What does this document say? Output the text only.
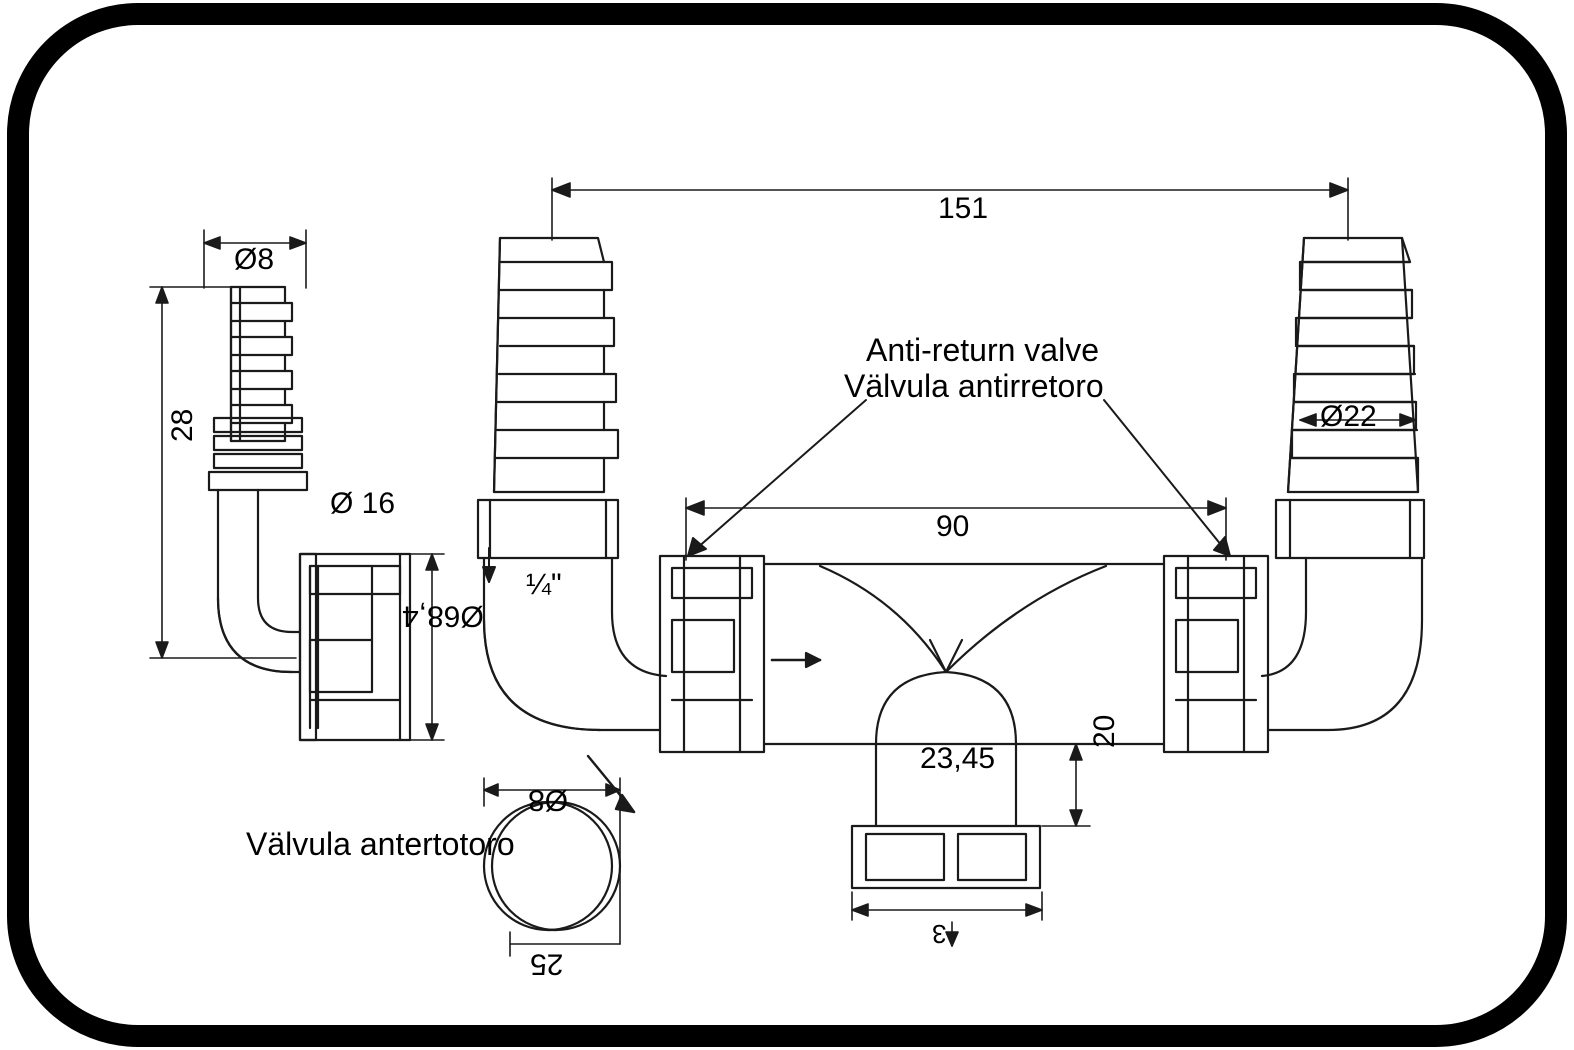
Ø8
28
Ø 16
Ø68,4
¼"
151
90
Ø22
23,45
20
3
Ø8
25
Anti-return valve
Välvula antirretoro
Välvula antertotoro
